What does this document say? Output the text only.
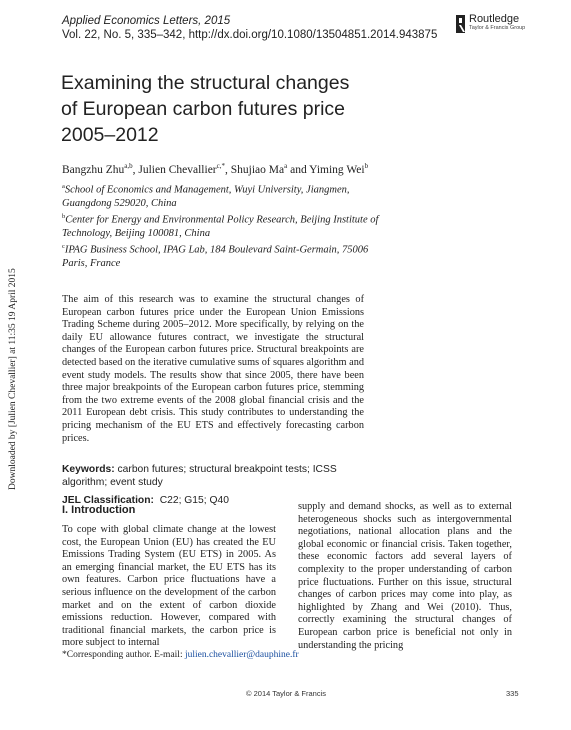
Applied Economics Letters, 2015
Vol. 22, No. 5, 335–342, http://dx.doi.org/10.1080/13504851.2014.943875
Routledge
Taylor & Francis Group
Examining the structural changes
of European carbon futures price
2005–2012
Bangzhu Zhu$^{a,b}$, Julien Chevallier$^{c,*}$, Shujiao Ma$^a$ and Yiming Wei$^b$

$^a$School of Economics and Management, Wuyi University, Jiangmen, Guangdong 529020, China

$^b$Center for Energy and Environmental Policy Research, Beijing Institute of Technology, Beijing 100081, China

$^c$IPAG Business School, IPAG Lab, 184 Boulevard Saint-Germain, 75006 Paris, France

Downloaded by [Julien Chevallier] at 11:35 19 April 2015	The aim of this research was to examine the structural changes of European carbon futures price under the European Union Emissions Trading Scheme during 2005–2012. More specifically, by relying on the daily EU allowance futures contract, we investigate the structural changes of the European carbon futures price. Structural breakpoints are detected based on the iterative cumulative sums of squares algorithm and event study models. The results show that since 2005, there have been three major breakpoints of the European carbon futures price, stemming from the two extreme events of the 2008 global financial crisis and the 2011 European debt crisis. This study contributes to understanding the pricing mechanism of the EU ETS and effectively forecasting carbon prices.
Keywords: carbon futures; structural breakpoint tests; ICSS algorithm; event study
JEL Classification: C22; G15; Q40
I. Introduction
To cope with global climate change at the lowest cost, the European Union (EU) has created the EU Emissions Trading System (EU ETS) in 2005. As an emerging financial market, the EU ETS has its own features. Carbon price fluctuations have a serious influence on the development of the carbon market and on the extent of carbon dioxide emissions reduction. However, compared with traditional financial markets, the carbon price is more subject to internal
supply and demand shocks, as well as to external heterogeneous shocks such as intergovernmental negotiations, national allocation plans and the global economic or financial crisis. Taken together, these economic factors add several layers of complexity to the proper understanding of carbon price fluctuations. Further on this issue, structural changes of carbon prices may come into play, as highlighted by Zhang and Wei (2010). Thus, correctly examining the structural changes of European carbon price is beneficial not only in understanding the pricing
*Corresponding author. E-mail: julien.chevallier@dauphine.fr
© 2014 Taylor & Francis	335
